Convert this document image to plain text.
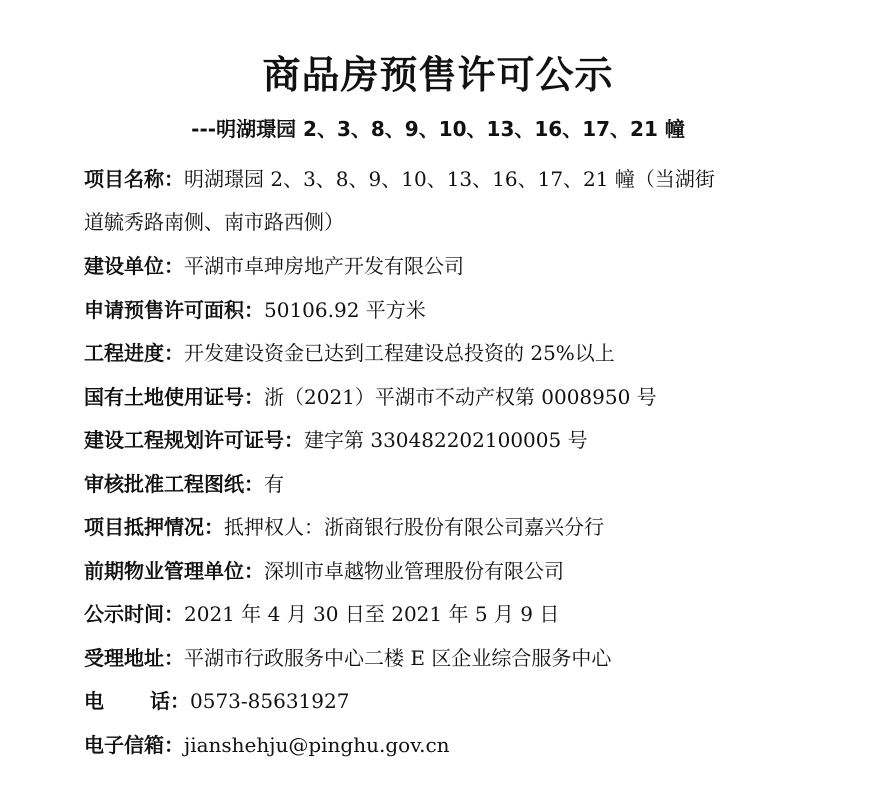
商品房预售许可公示
---明湖璟园 2、3、8、9、10、13、16、17、21 幢
项目名称：明湖璟园 2、3、8、9、10、13、16、17、21 幢（当湖街
道毓秀路南侧、南市路西侧）
建设单位：平湖市卓珅房地产开发有限公司
申请预售许可面积：50106.92 平方米
工程进度：开发建设资金已达到工程建设总投资的 25%以上
国有土地使用证号：浙（2021）平湖市不动产权第 0008950 号
建设工程规划许可证号：建字第 330482202100005 号
审核批准工程图纸：有
项目抵押情况：抵押权人：浙商银行股份有限公司嘉兴分行
前期物业管理单位：深圳市卓越物业管理股份有限公司
公示时间：2021 年 4 月 30 日至 2021 年 5 月 9 日
受理地址：平湖市行政服务中心二楼 E 区企业综合服务中心
电 话：0573-85631927
电子信箱：jianshehju@pinghu.gov.cn
